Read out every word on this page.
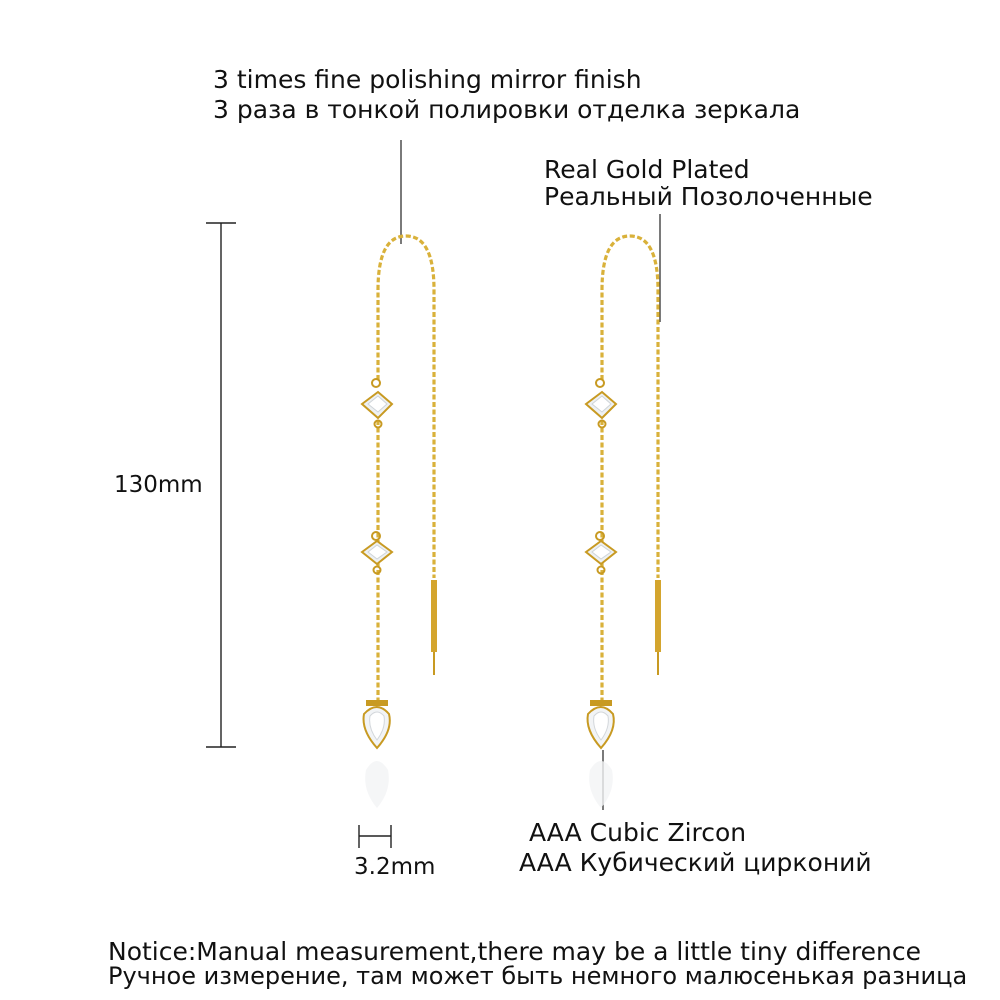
3 times fine polishing mirror finish
3 раза в тонкой полировки отделка зеркала
Real Gold Plated
Реальный Позолоченные
130mm
3.2mm
AAA Cubic Zircon
AAA Кубический цирконий
Notice:Manual measurement,there may be a little tiny difference
Ручное измерение, там может быть немного малюсенькая разница
